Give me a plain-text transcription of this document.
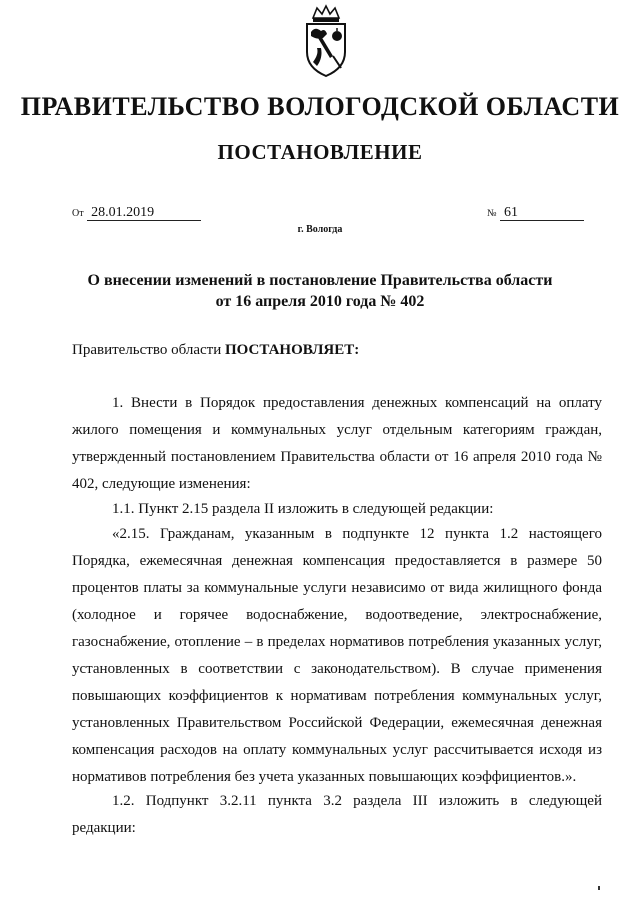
ПРАВИТЕЛЬСТВО ВОЛОГОДСКОЙ ОБЛАСТИ
ПОСТАНОВЛЕНИЕ
От 28.01.2019	№ 61
г. Вологда
О внесении изменений в постановление Правительства области
от 16 апреля 2010 года № 402
Правительство области ПОСТАНОВЛЯЕТ:
1. Внести в Порядок предоставления денежных компенсаций на оплату жилого помещения и коммунальных услуг отдельным категориям граждан, утвержденный постановлением Правительства области от 16 апреля 2010 года № 402, следующие изменения:
1.1. Пункт 2.15 раздела II изложить в следующей редакции:
«2.15. Гражданам, указанным в подпункте 12 пункта 1.2 настоящего Порядка, ежемесячная денежная компенсация предоставляется в размере 50 процентов платы за коммунальные услуги независимо от вида жилищного фонда (холодное и горячее водоснабжение, водоотведение, электроснабжение, газоснабжение, отопление – в пределах нормативов потребления указанных услуг, установленных в соответствии с законодательством). В случае применения повышающих коэффициентов к нормативам потребления коммунальных услуг, установленных Правительством Российской Федерации, ежемесячная денежная компенсация расходов на оплату коммунальных услуг рассчитывается исходя из нормативов потребления без учета указанных повышающих коэффициентов.».
1.2. Подпункт 3.2.11 пункта 3.2 раздела III изложить в следующей редакции:
